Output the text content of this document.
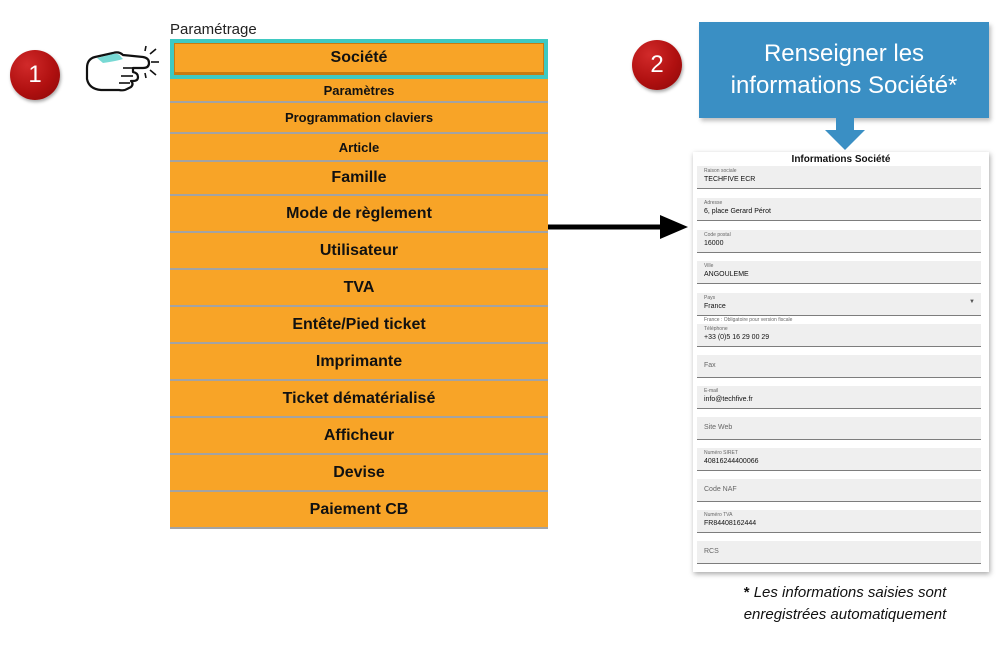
1	2
Paramétrage
Société
Paramètres
Programmation claviers
Article
Famille
Mode de règlement
Utilisateur
TVA
Entête/Pied ticket
Imprimante
Ticket dématérialisé
Afficheur
Devise
Paiement CB
Renseigner les informations Société*
Informations Société
Raison sociale
TECHFIVE ECR
Adresse
6, place Gerard Pérot
Code postal
16000
Ville
ANGOULEME
Pays
France
▼
France : Obligatoire pour version fiscale
Téléphone
+33 (0)5 16 29 00 29
Fax
E-mail
info@techfive.fr
Site Web
Numéro SIRET
40816244400066
Code NAF
Numéro TVA
FR84408162444
RCS
* Les informations saisies sont
enregistrées automatiquement
